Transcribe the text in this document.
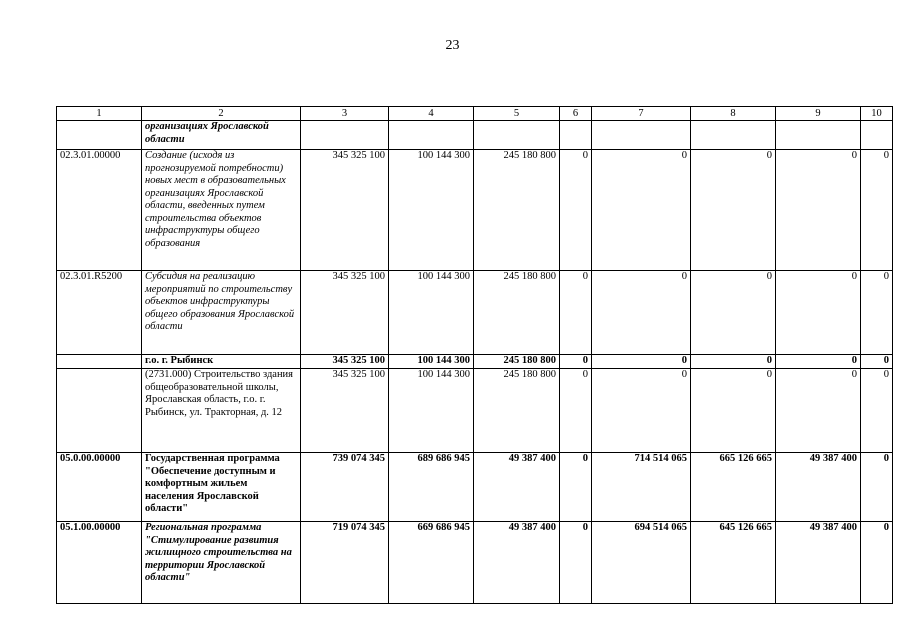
23
1	2	3	4	5	6	7	8	9	10
	организациях Ярославской области								
02.3.01.00000	Создание (исходя из прогнозируемой потребности) новых мест в образовательных организациях Ярославской области, введенных путем строительства объектов инфраструктуры общего образования	345 325 100	100 144 300	245 180 800	0	0	0	0	0
02.3.01.R5200	Субсидия на реализацию мероприятий по строительству объектов инфраструктуры общего образования Ярославской области	345 325 100	100 144 300	245 180 800	0	0	0	0	0
	г.о. г. Рыбинск	345 325 100	100 144 300	245 180 800	0	0	0	0	0
	(2731.000) Строительство здания общеобразовательной школы, Ярославская область, г.о. г. Рыбинск, ул. Тракторная, д. 12	345 325 100	100 144 300	245 180 800	0	0	0	0	0
05.0.00.00000	Государственная программа "Обеспечение доступным и комфортным жильем населения Ярославской области"	739 074 345	689 686 945	49 387 400	0	714 514 065	665 126 665	49 387 400	0
05.1.00.00000	Региональная программа "Стимулирование развития жилищного строительства на территории Ярославской области"	719 074 345	669 686 945	49 387 400	0	694 514 065	645 126 665	49 387 400	0
